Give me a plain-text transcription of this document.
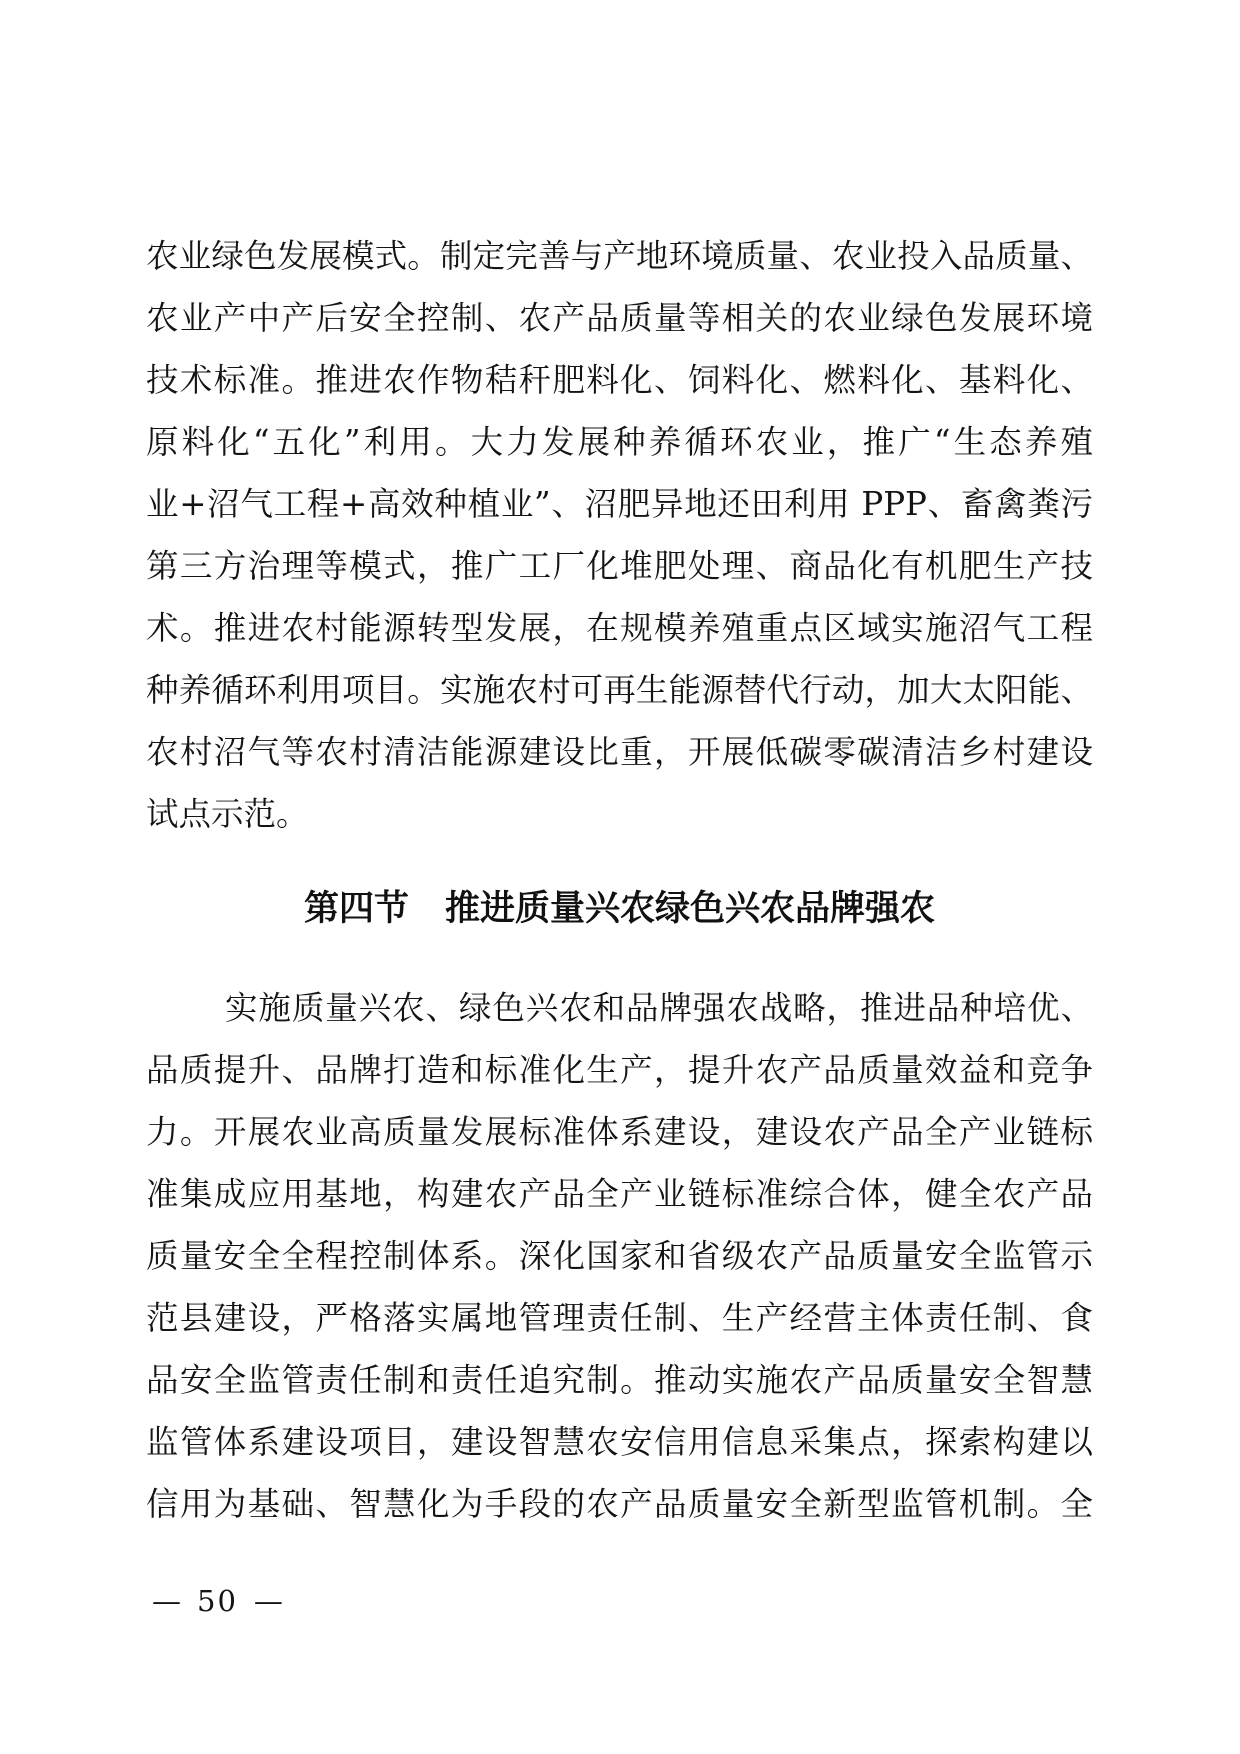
农业绿色发展模式。制定完善与产地环境质量、农业投入品质量、
农业产中产后安全控制、农产品质量等相关的农业绿色发展环境
技术标准。推进农作物秸秆肥料化、饲料化、燃料化、基料化、
原料化“五化”利用。大力发展种养循环农业，推广“生态养殖
业+沼气工程+高效种植业”、沼肥异地还田利用 PPP、畜禽粪污
第三方治理等模式，推广工厂化堆肥处理、商品化有机肥生产技
术。推进农村能源转型发展，在规模养殖重点区域实施沼气工程
种养循环利用项目。实施农村可再生能源替代行动，加大太阳能、
农村沼气等农村清洁能源建设比重，开展低碳零碳清洁乡村建设
试点示范。
第四节 推进质量兴农绿色兴农品牌强农
实施质量兴农、绿色兴农和品牌强农战略，推进品种培优、
品质提升、品牌打造和标准化生产，提升农产品质量效益和竞争
力。开展农业高质量发展标准体系建设，建设农产品全产业链标
准集成应用基地，构建农产品全产业链标准综合体，健全农产品
质量安全全程控制体系。深化国家和省级农产品质量安全监管示
范县建设，严格落实属地管理责任制、生产经营主体责任制、食
品安全监管责任制和责任追究制。推动实施农产品质量安全智慧
监管体系建设项目，建设智慧农安信用信息采集点，探索构建以
信用为基础、智慧化为手段的农产品质量安全新型监管机制。全
— 50 —
